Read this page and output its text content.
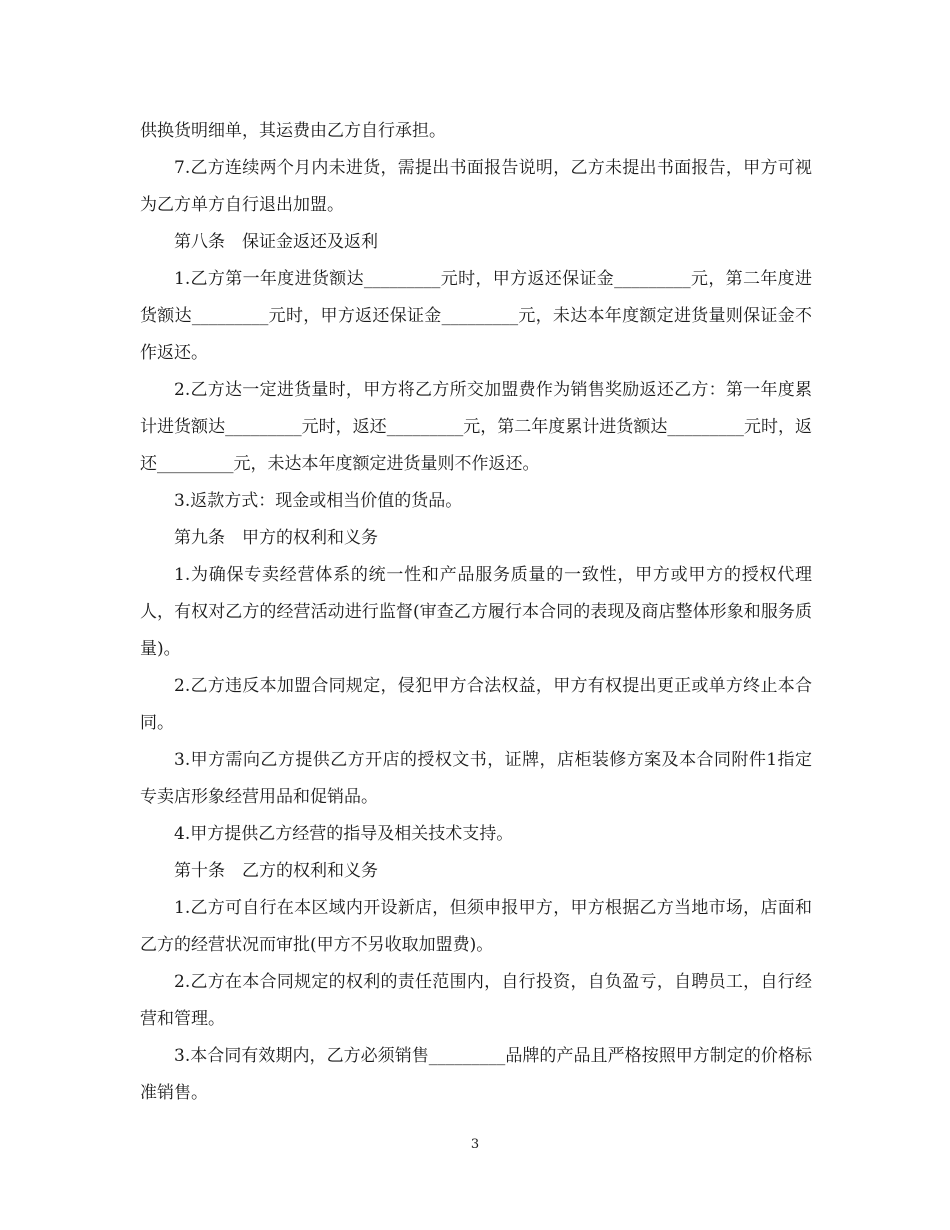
供换货明细单，其运费由乙方自行承担。

7.乙方连续两个月内未进货，需提出书面报告说明，乙方未提出书面报告，甲方可视为乙方单方自行退出加盟。

第八条　保证金返还及返利

1.乙方第一年度进货额达_________元时，甲方返还保证金_________元，第二年度进货额达_________元时，甲方返还保证金_________元，未达本年度额定进货量则保证金不作返还。

2.乙方达一定进货量时，甲方将乙方所交加盟费作为销售奖励返还乙方：第一年度累计进货额达_________元时，返还_________元，第二年度累计进货额达_________元时，返还_________元，未达本年度额定进货量则不作返还。

3.返款方式：现金或相当价值的货品。

第九条　甲方的权利和义务

1.为确保专卖经营体系的统一性和产品服务质量的一致性，甲方或甲方的授权代理人，有权对乙方的经营活动进行监督(审查乙方履行本合同的表现及商店整体形象和服务质量)。

2.乙方违反本加盟合同规定，侵犯甲方合法权益，甲方有权提出更正或单方终止本合同。

3.甲方需向乙方提供乙方开店的授权文书，证牌，店柜装修方案及本合同附件1指定专卖店形象经营用品和促销品。

4.甲方提供乙方经营的指导及相关技术支持。

第十条　乙方的权利和义务

1.乙方可自行在本区域内开设新店，但须申报甲方，甲方根据乙方当地市场，店面和乙方的经营状况而审批(甲方不另收取加盟费)。

2.乙方在本合同规定的权利的责任范围内，自行投资，自负盈亏，自聘员工，自行经营和管理。

3.本合同有效期内，乙方必须销售_________品牌的产品且严格按照甲方制定的价格标准销售。

3
